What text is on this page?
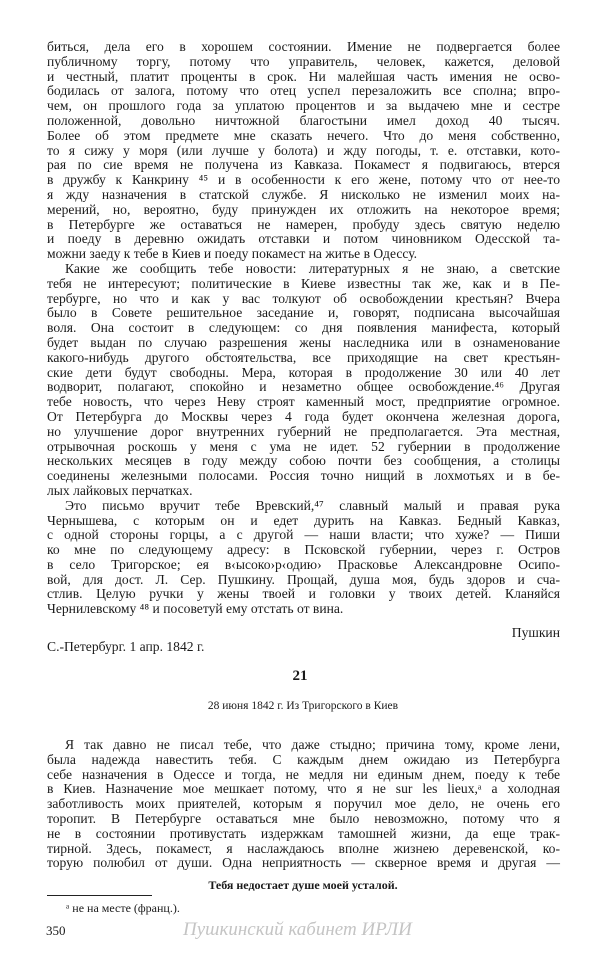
биться, дела его в хорошем состоянии. Имение не подвергается более
публичному торгу, потому что управитель, человек, кажется, деловой
и честный, платит проценты в срок. Ни малейшая часть имения не осво-
бодилась от залога, потому что отец успел перезаложить все сполна; впро-
чем, он прошлого года за уплатою процентов и за выдачею мне и сестре
положенной, довольно ничтожной благостыни имел доход 40 тысяч.
Более об этом предмете мне сказать нечего. Что до меня собственно,
то я сижу у моря (или лучше у болота) и жду погоды, т. е. отставки, кото-
рая по сие время не получена из Кавказа. Покамест я подвигаюсь, втерся
в дружбу к Канкрину ⁴⁵ и в особенности к его жене, потому что от нее-то
я жду назначения в статской службе. Я нисколько не изменил моих на-
мерений, но, вероятно, буду принужден их отложить на некоторое время;
в Петербурге же оставаться не намерен, пробуду здесь святую неделю
и поеду в деревню ожидать отставки и потом чиновником Одесской та-
можни заеду к тебе в Киев и поеду покамест на житье в Одессу.
Какие же сообщить тебе новости: литературных я не знаю, а светские
тебя не интересуют; политические в Киеве известны так же, как и в Пе-
тербурге, но что и как у вас толкуют об освобождении крестьян? Вчера
было в Совете решительное заседание и, говорят, подписана высочайшая
воля. Она состоит в следующем: со дня появления манифеста, который
будет выдан по случаю разрешения жены наследника или в ознаменование
какого-нибудь другого обстоятельства, все приходящие на свет крестьян-
ские дети будут свободны. Мера, которая в продолжение 30 или 40 лет
водворит, полагают, спокойно и незаметно общее освобождение.⁴⁶ Другая
тебе новость, что через Неву строят каменный мост, предприятие огромное.
От Петербурга до Москвы через 4 года будет окончена железная дорога,
но улучшение дорог внутренних губерний не предполагается. Эта местная,
отрывочная роскошь у меня с ума не идет. 52 губернии в продолжение
нескольких месяцев в году между собою почти без сообщения, а столицы
соединены железными полосами. Россия точно нищий в лохмотьях и в бе-
лых лайковых перчатках.
Это письмо вручит тебе Вревский,⁴⁷ славный малый и правая рука
Чернышева, с которым он и едет дурить на Кавказ. Бедный Кавказ,
с одной стороны горцы, а с другой — наши власти; что хуже? — Пиши
ко мне по следующему адресу: в Псковской губернии, через г. Остров
в село Тригорское; ея в‹ысоко›р‹одию› Прасковье Александровне Осипо-
вой, для дост. Л. Сер. Пушкину. Прощай, душа моя, будь здоров и сча-
стлив. Целую ручки у жены твоей и головки у твоих детей. Кланяйся
Чернилевскому ⁴⁸ и посоветуй ему отстать от вина.
Пушкин
С.-Петербург. 1 апр. 1842 г.
21
28 июня 1842 г. Из Тригорского в Киев
Я так давно не писал тебе, что даже стыдно; причина тому, кроме лени,
была надежда навестить тебя. С каждым днем ожидаю из Петербурга
себе назначения в Одессе и тогда, не медля ни единым днем, поеду к тебе
в Киев. Назначение мое мешкает потому, что я не sur les lieux,ᵃ а холодная
заботливость моих приятелей, которым я поручил мое дело, не очень его
торопит. В Петербурге оставаться мне было невозможно, потому что я
не в состоянии противустать издержкам тамошней жизни, да еще трак-
тирной. Здесь, покамест, я наслаждаюсь вполне жизнею деревенской, ко-
торую полюбил от души. Одна неприятность — скверное время и другая —
Тебя недостает душе моей усталой.
ᵃ не на месте (франц.).
350	Пушкинский кабинет ИРЛИ
